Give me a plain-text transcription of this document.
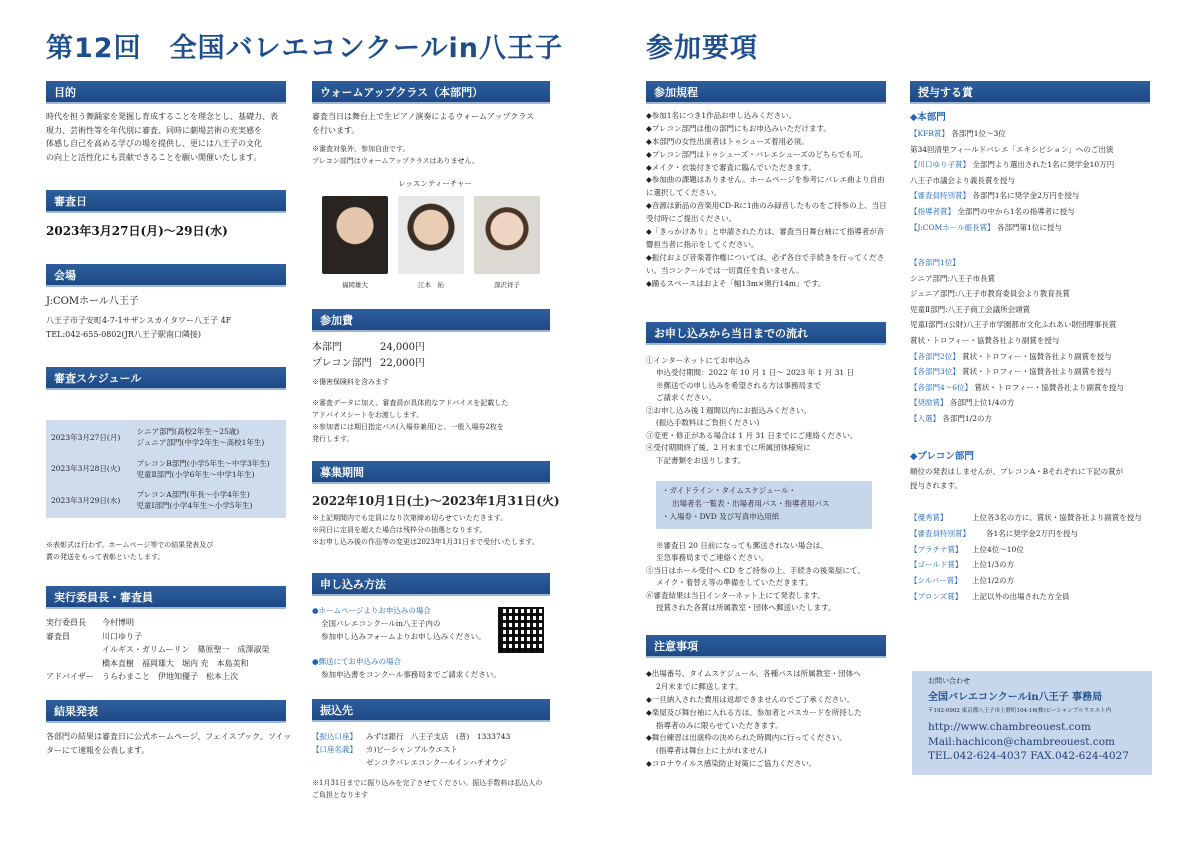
第12回　全国バレエコンクールin八王子	参加要項
目的
時代を担う舞踊家を発掘し育成することを理念とし、基礎力、表
現力、芸術性等を年代別に審査、同時に劇場芸術の充実感を
体感し自己を高める学びの場を提供し、更には八王子の文化
の向上と活性化にも貢献できることを願い開催いたします。
審査日
2023年3月27日(月)～29日(水)
会場
J:COMホール八王子
八王子市子安町4-7-1サザンスカイタワー八王子 4F
TEL:042-655-0802(JR八王子駅南口隣接)
審査スケジュール
2023年3月27日(月)	シニア部門(高校2年生～25歳)
ジュニア部門(中学2年生～高校1年生)

2023年3月28日(火)	プレコンB部門(小学5年生～中学3年生)
児童Ⅱ部門(小学6年生～中学1年生)

2023年3月29日(水)	プレコンA部門(年長～小学4年生)
児童Ⅰ部門(小学4年生～小学5年生)
※表彰式は行わず、ホームページ等での結果発表及び
賞の発送をもって表彰といたします。
実行委員長・審査員
実行委員長 今村博明
審査員	川口ゆり子
イルギス・ガリムーリン　篠原聖一　成澤淑榮
橋本直樹　福岡雄大　堀内 充　本島美和
アドバイザー うらわまこと　伊地知優子　松本上次
結果発表
各部門の結果は審査日に公式ホームページ、フェイスブック、ツイッ
ターにて速報を公表します。
ウォームアップクラス（本部門）
審査当日は舞台上で生ピアノ演奏によるウォームアップクラス
を行います。
※審査対象外、参加自由です。
プレコン部門はウォームアップクラスはありません。
レッスンティーチャー
福岡雄大	江本　拓	深沢祥子
参加費
本部門	24,000円
プレコン部門 22,000円
※傷害保険料を含みます
※審査データに加え、審査員が具体的なアドバイスを記載した
アドバイスシートをお渡しします。
※参加者には期日指定パス(入場券兼用)と、一般入場券2枚を
発行します。
募集期間
2022年10月1日(土)～2023年1月31日(火)
※上記期間内でも定員になり次第締め切らせていただきます。
※同日に定員を超えた場合は残枠分の抽選となります。
※お申し込み後の作品等の変更は2023年1月31日まで受付いたします。
申し込み方法
●ホームページよりお申込みの場合
全国バレエコンクールin八王子内の
参加申し込みフォームよりお申し込みください。
●郵送にてお申込みの場合
参加申込書をコンクール事務局までご請求ください。
振込先
【振込口座】 みずほ銀行　八王子支店　(普)　1333743
【口座名義】 カ)ビーシャンブルウエスト
ゼンコクバレエコンクールインハチオウジ
※1月31日までに振り込みを完了させてください。振込手数料は払込人の
ご負担となります
参加規程
◆参加1名につき1作品お申し込みください。
◆プレコン部門は他の部門にもお申込みいただけます。
◆本部門の女性出演者はトゥシューズ着用必須。
◆プレコン部門はトゥシューズ・バレエシューズのどちらでも可。
◆メイク・衣装付きで審査に臨んでいただきます。
◆参加曲の課題はありません。ホームページを参考にバレエ曲より自由に選択してください。
◆音源は新品の音楽用CD-Rに1曲のみ録音したものをご持参の上、当日受付時にご提出ください。
◆「きっかけあり」と申請された方は、審査当日舞台袖にて指導者が音響担当者に指示をしてください。
◆振付および音楽著作権については、必ず各自で手続きを行ってください。当コンクールでは一切責任を負いません。
◆踊るスペースはおよそ「幅13m×奥行14m」です。
お申し込みから当日までの流れ
①インターネットにてお申込み
申込受付期間：2022 年 10 月 1 日～ 2023 年 1 月 31 日
※郵送での申し込みを希望される方は事務局まで
ご請求ください。
②お申し込み後１週間以内にお振込みください。
(振込手数料はご負担ください)
③変更・修正がある場合は 1 月 31 日までにご連絡ください。
④受付期間終了後、2 月末までに所属団体様宛に
下記書類をお送りします。
・ガイドライン・タイムスケジュール・
出場者名一覧表・出場者用パス・指導者用パス
・入場券・DVD 及び写真申込用紙
※審査日 20 日前になっても郵送されない場合は、
至急事務局までご連絡ください。
⑤当日はホール受付へ CD をご持参の上、手続きの後楽屋にて、
メイク・着替え等の準備をしていただきます。
⑥審査結果は当日インターネット上にて発表します。
授賞された各賞は所属教室・団体へ郵送いたします。
注意事項
◆出場番号、タイムスケジュール、各種パスは所属教室・団体へ
2月末までに郵送します。
◆一旦納入された費用は返却できませんのでご了承ください。
◆楽屋及び舞台袖に入れる方は、参加者とパスカードを所持した
指導者のみに限らせていただきます。
◆舞台練習は出演枠の決められた時間内に行ってください。
(指導者は舞台上に上がれません)
◆コロナウイルス感染防止対策にご協力ください。
授与する賞
◆本部門
【KFB賞】 各部門1位～3位
第34回清里フィールドバレエ「エキシビション」へのご出演
【川口ゆり子賞】 全部門より選出された1名に奨学金10万円
八王子市議会より義長賞を授与
【審査員特別賞】 各部門1名に奨学金2万円を授与
【指導者賞】 全部門の中から1名の指導者に授与
【J:COMホール館長賞】 各部門第1位に授与
【各部門1位】
シニア部門:八王子市長賞
ジュニア部門:八王子市教育委員会より教育長賞
児童Ⅱ部門:八王子商工会議所会頭賞
児童Ⅰ部門:(公財)八王子市学園都市文化ふれあい財団理事長賞
賞状・トロフィー・協賛各社より副賞を授与
【各部門2位】 賞状・トロフィー・協賛各社より副賞を授与
【各部門3位】 賞状・トロフィー・協賛各社より副賞を授与
【各部門4～6位】 賞状・トロフィー・協賛各社より副賞を授与
【奨励賞】 各部門上位1/4の方
【入選】 各部門1/2の方
◆プレコン部門
順位の発表はしませんが、プレコンA・Bそれぞれに下記の賞が
授与されます。
【優秀賞】	上位各3名の方に、賞状・協賛各社より副賞を授与
【審査員特別賞】 各1名に奨学金2万円を授与
【プラチナ賞】 上位4位～10位
【ゴールド賞】 上位1/3の方
【シルバー賞】 上位1/2の方
【ブロンズ賞】 上記以外の出場された方全員
お問い合わせ
全国バレエコンクールin八王子 事務局
〒192-0902 東京都八王子市上野町104-16(株)ビーシャンブルウエスト内
http://www.chambreouest.com
Mail:hachicon@chambreouest.com
TEL.042-624-4037 FAX.042-624-4027
